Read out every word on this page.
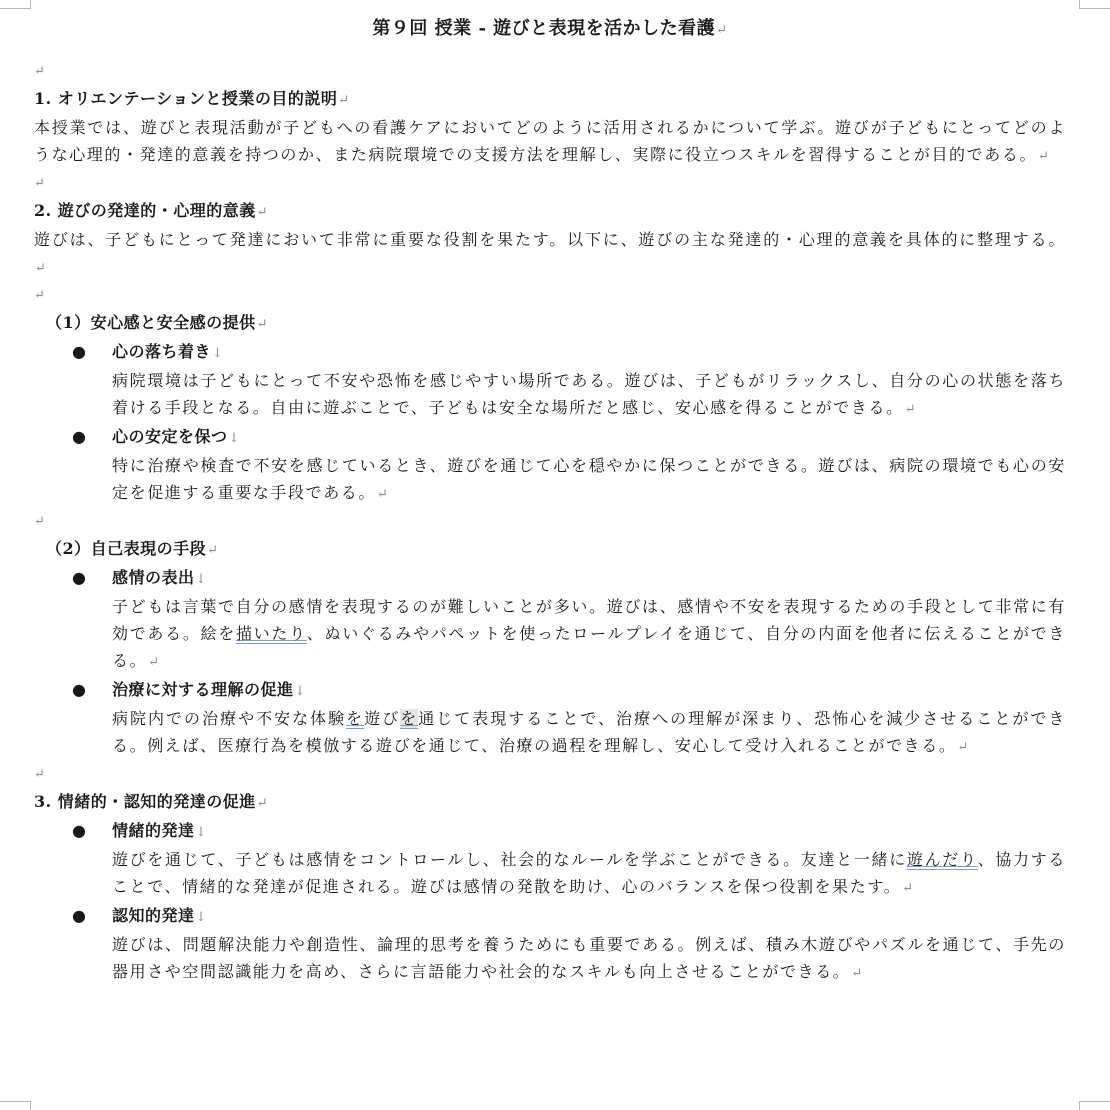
第９回 授業 - 遊びと表現を活かした看護↵
↵
1. オリエンテーションと授業の目的説明↵
本授業では、遊びと表現活動が子どもへの看護ケアにおいてどのように活用されるかについて学ぶ。遊びが子どもにとってどのような心理的・発達的意義を持つのか、また病院環境での支援方法を理解し、実際に役立つスキルを習得することが目的である。↵
↵
2. 遊びの発達的・心理的意義↵
遊びは、子どもにとって発達において非常に重要な役割を果たす。以下に、遊びの主な発達的・心理的意義を具体的に整理する。↵
↵
（1）安心感と安全感の提供↵
● 心の落ち着き↓
病院環境は子どもにとって不安や恐怖を感じやすい場所である。遊びは、子どもがリラックスし、自分の心の状態を落ち着ける手段となる。自由に遊ぶことで、子どもは安全な場所だと感じ、安心感を得ることができる。↵
● 心の安定を保つ↓
特に治療や検査で不安を感じているとき、遊びを通じて心を穏やかに保つことができる。遊びは、病院の環境でも心の安定を促進する重要な手段である。↵
↵
（2）自己表現の手段↵
● 感情の表出↓
子どもは言葉で自分の感情を表現するのが難しいことが多い。遊びは、感情や不安を表現するための手段として非常に有効である。絵を描いたり、ぬいぐるみやパペットを使ったロールプレイを通じて、自分の内面を他者に伝えることができる。↵
● 治療に対する理解の促進↓
病院内での治療や不安な体験を遊びを通じて表現することで、治療への理解が深まり、恐怖心を減少させることができる。例えば、医療行為を模倣する遊びを通じて、治療の過程を理解し、安心して受け入れることができる。↵
↵
3. 情緒的・認知的発達の促進↵
● 情緒的発達↓
遊びを通じて、子どもは感情をコントロールし、社会的なルールを学ぶことができる。友達と一緒に遊んだり、協力することで、情緒的な発達が促進される。遊びは感情の発散を助け、心のバランスを保つ役割を果たす。↵
● 認知的発達↓
遊びは、問題解決能力や創造性、論理的思考を養うためにも重要である。例えば、積み木遊びやパズルを通じて、手先の器用さや空間認識能力を高め、さらに言語能力や社会的なスキルも向上させることができる。↵
